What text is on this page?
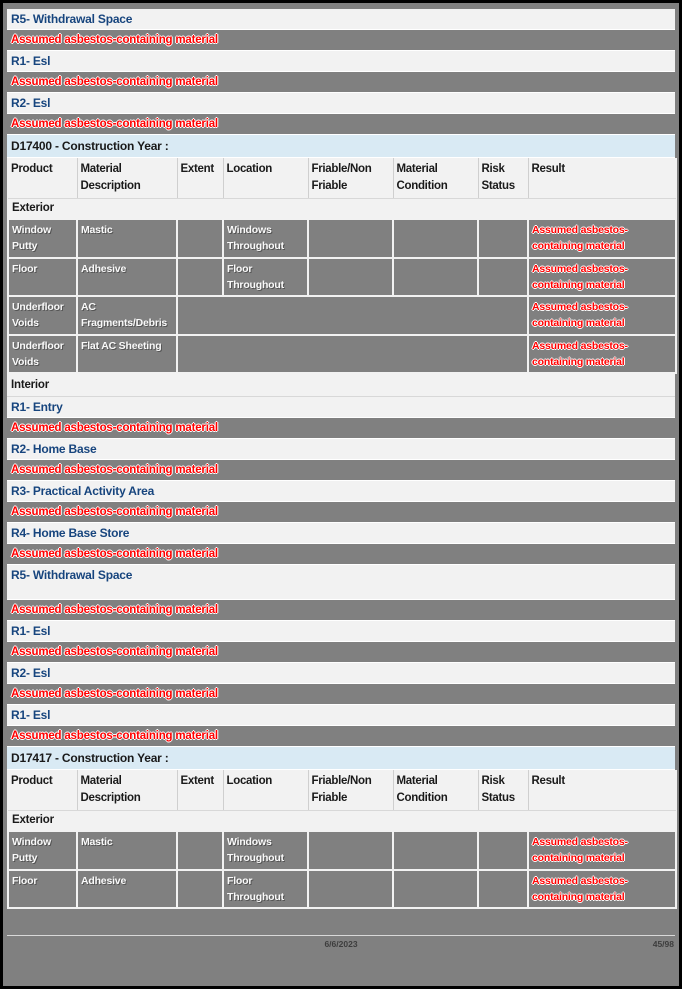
R5- Withdrawal Space
Assumed asbestos-containing material
R1- Esl
Assumed asbestos-containing material
R2- Esl
Assumed asbestos-containing material
D17400 - Construction Year :
Product	Material Description	Extent	Location	Friable/Non Friable	Material Condition	Risk Status	Result
Exterior							
Window Putty	Mastic		Windows Throughout				Assumed asbestos-containing material
Floor	Adhesive		Floor Throughout				Assumed asbestos-containing material
Underfloor Voids	AC Fragments/Debris						Assumed asbestos-containing material
Underfloor Voids	Flat AC Sheeting						Assumed asbestos-containing material
Interior
R1- Entry
Assumed asbestos-containing material
R2- Home Base
Assumed asbestos-containing material
R3- Practical Activity Area
Assumed asbestos-containing material
R4- Home Base Store
Assumed asbestos-containing material
R5- Withdrawal Space
Assumed asbestos-containing material
R1- Esl
Assumed asbestos-containing material
R2- Esl
Assumed asbestos-containing material
R1- Esl
Assumed asbestos-containing material
D17417 - Construction Year :
Product	Material Description	Extent	Location	Friable/Non Friable	Material Condition	Risk Status	Result
Exterior							
Window Putty	Mastic		Windows Throughout				Assumed asbestos-containing material
Floor	Adhesive		Floor Throughout				Assumed asbestos-containing material
6/6/2023	45/98
